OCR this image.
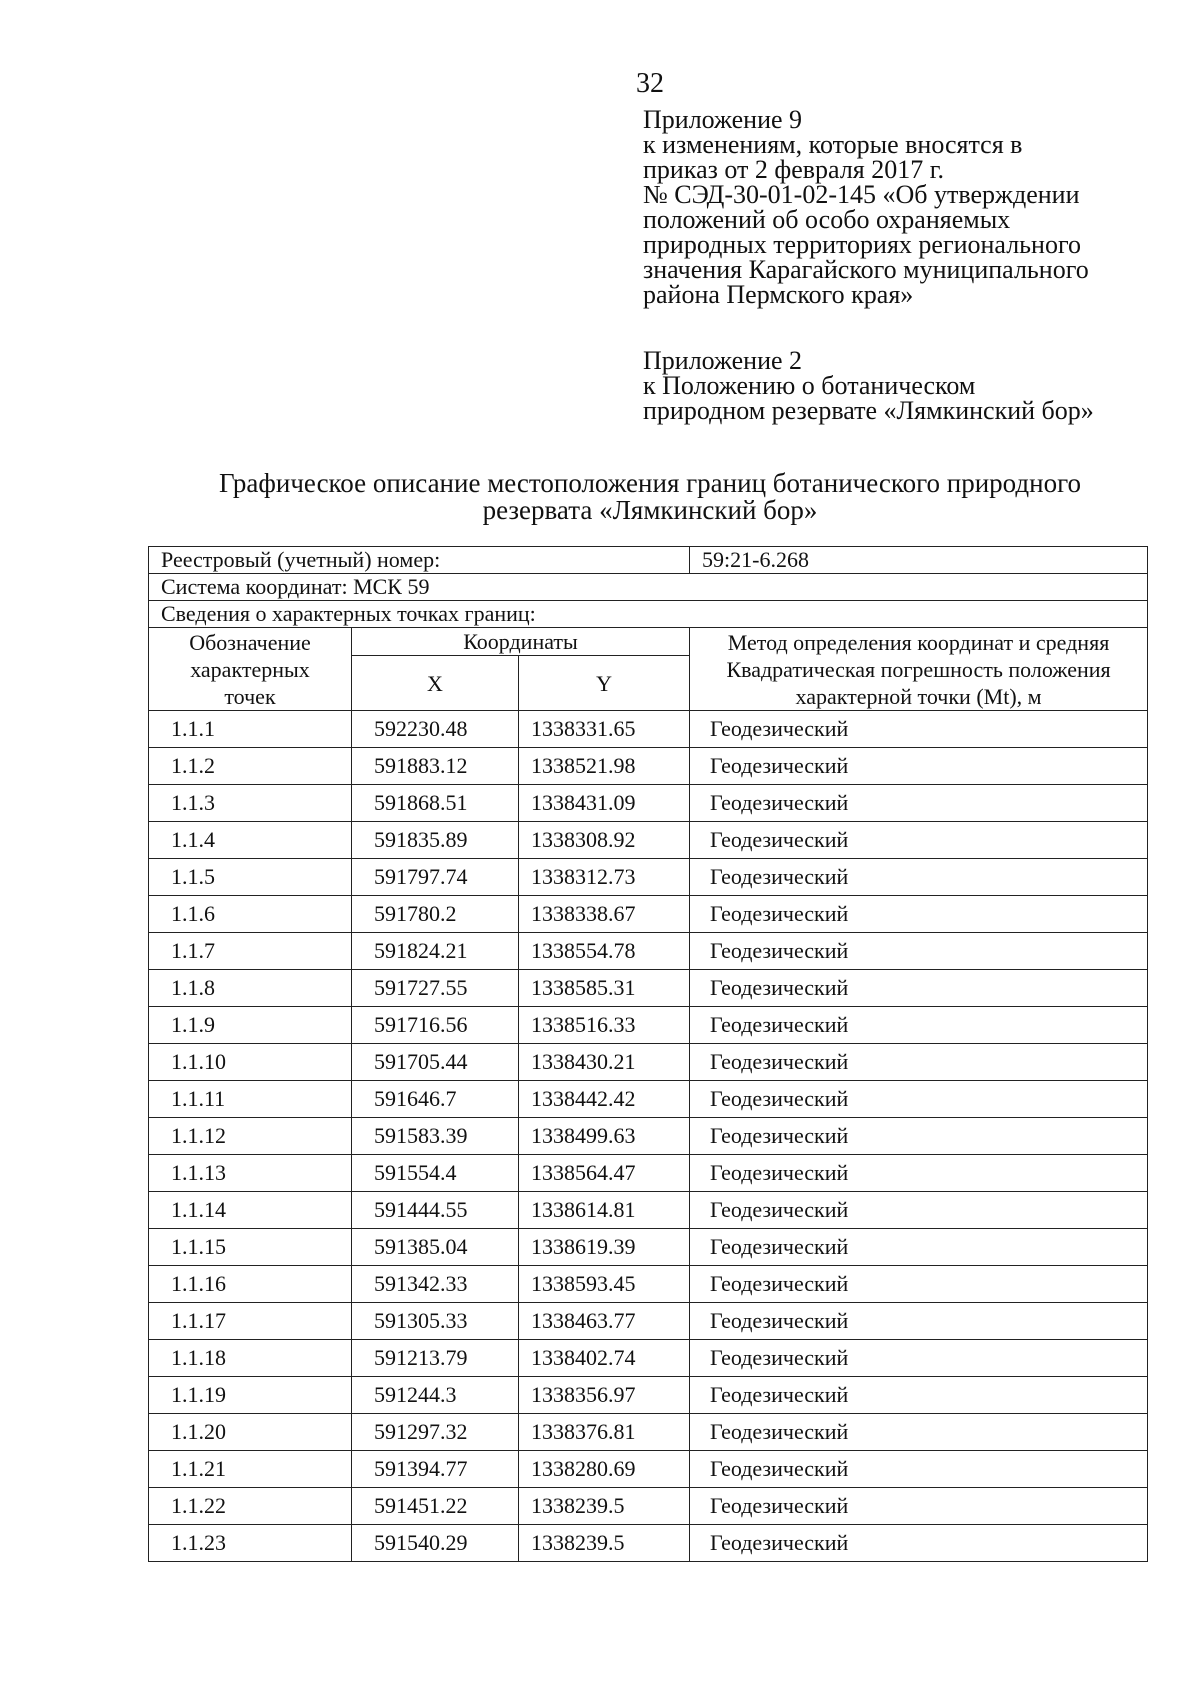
32
Приложение 9
к изменениям, которые вносятся в
приказ от 2 февраля 2017 г.
№ СЭД-30-01-02-145 «Об утверждении
положений об особо охраняемых
природных территориях регионального
значения Карагайского муниципального
района Пермского края»
Приложение 2
к Положению о ботаническом
природном резервате «Лямкинский бор»
Графическое описание местоположения границ ботанического природного
резервата «Лямкинский бор»
Реестровый (учетный) номер:			59:21-6.268
Система координат: МСК 59			
Сведения о характерных точках границ:			

Обозначение
характерных
точек	Координаты		Метод определения координат и средняя
Квадратическая погрешность положения
характерной точки (Mt), м

	X	Y	
1.1.1	592230.48	1338331.65	Геодезический
1.1.2	591883.12	1338521.98	Геодезический
1.1.3	591868.51	1338431.09	Геодезический
1.1.4	591835.89	1338308.92	Геодезический
1.1.5	591797.74	1338312.73	Геодезический
1.1.6	591780.2	1338338.67	Геодезический
1.1.7	591824.21	1338554.78	Геодезический
1.1.8	591727.55	1338585.31	Геодезический
1.1.9	591716.56	1338516.33	Геодезический
1.1.10	591705.44	1338430.21	Геодезический
1.1.11	591646.7	1338442.42	Геодезический
1.1.12	591583.39	1338499.63	Геодезический
1.1.13	591554.4	1338564.47	Геодезический
1.1.14	591444.55	1338614.81	Геодезический
1.1.15	591385.04	1338619.39	Геодезический
1.1.16	591342.33	1338593.45	Геодезический
1.1.17	591305.33	1338463.77	Геодезический
1.1.18	591213.79	1338402.74	Геодезический
1.1.19	591244.3	1338356.97	Геодезический
1.1.20	591297.32	1338376.81	Геодезический
1.1.21	591394.77	1338280.69	Геодезический
1.1.22	591451.22	1338239.5	Геодезический
1.1.23	591540.29	1338239.5	Геодезический
